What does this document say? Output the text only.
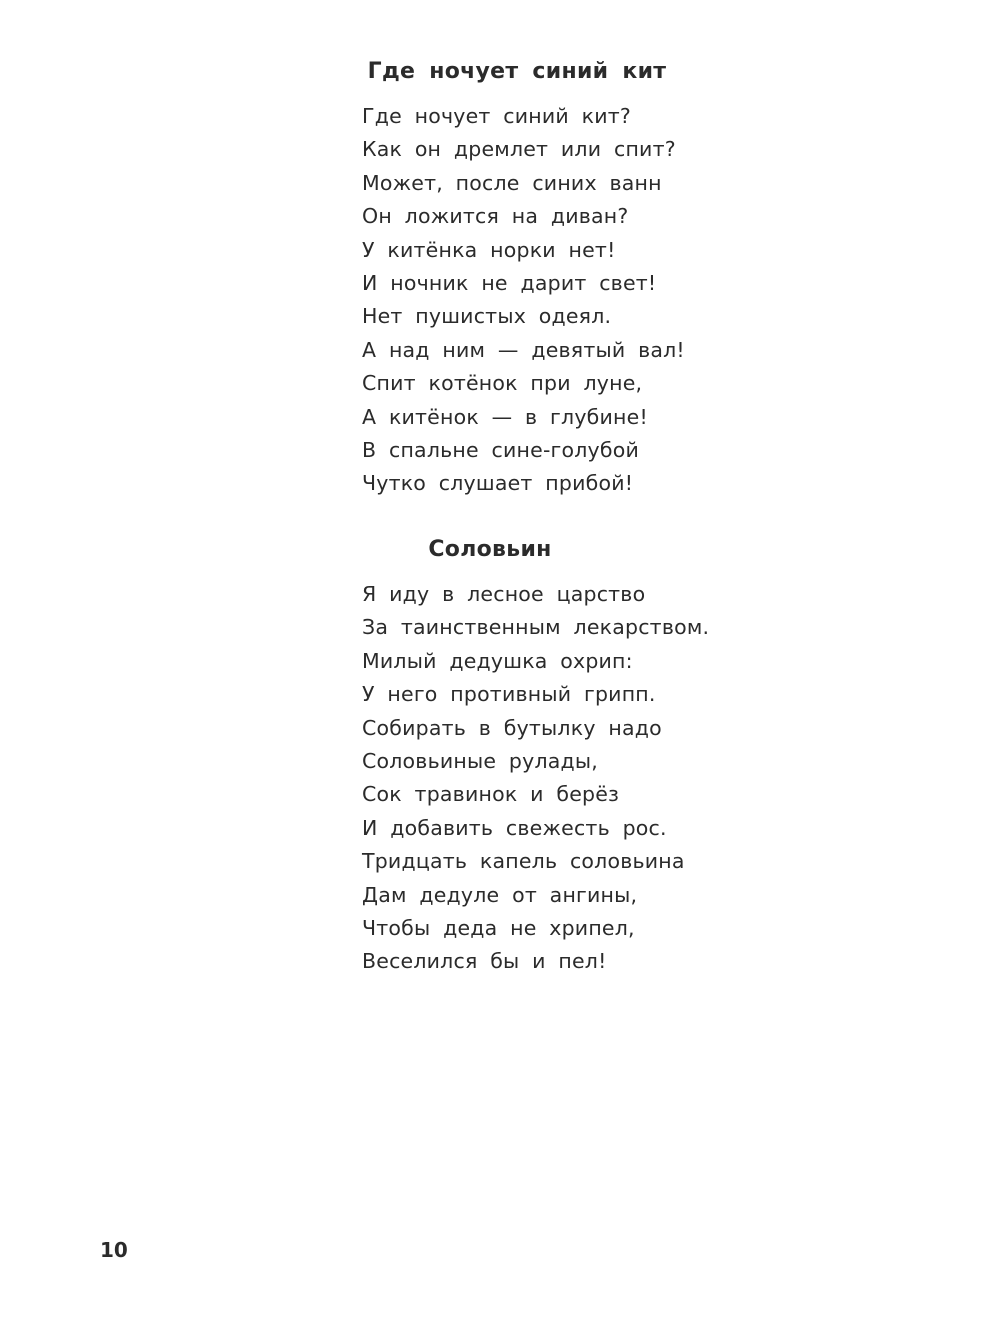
Где ночует синий кит
Где ночует синий кит?
Как он дремлет или спит?
Может, после синих ванн
Он ложится на диван?
У китёнка норки нет!
И ночник не дарит свет!
Нет пушистых одеял.
А над ним — девятый вал!
Спит котёнок при луне,
А китёнок — в глубине!
В спальне сине-голубой
Чутко слушает прибой!
Соловьин
Я иду в лесное царство
За таинственным лекарством.
Милый дедушка охрип:
У него противный грипп.
Собирать в бутылку надо
Соловьиные рулады,
Сок травинок и берёз
И добавить свежесть рос.
Тридцать капель соловьина
Дам дедуле от ангины,
Чтобы деда не хрипел,
Веселился бы и пел!
10
